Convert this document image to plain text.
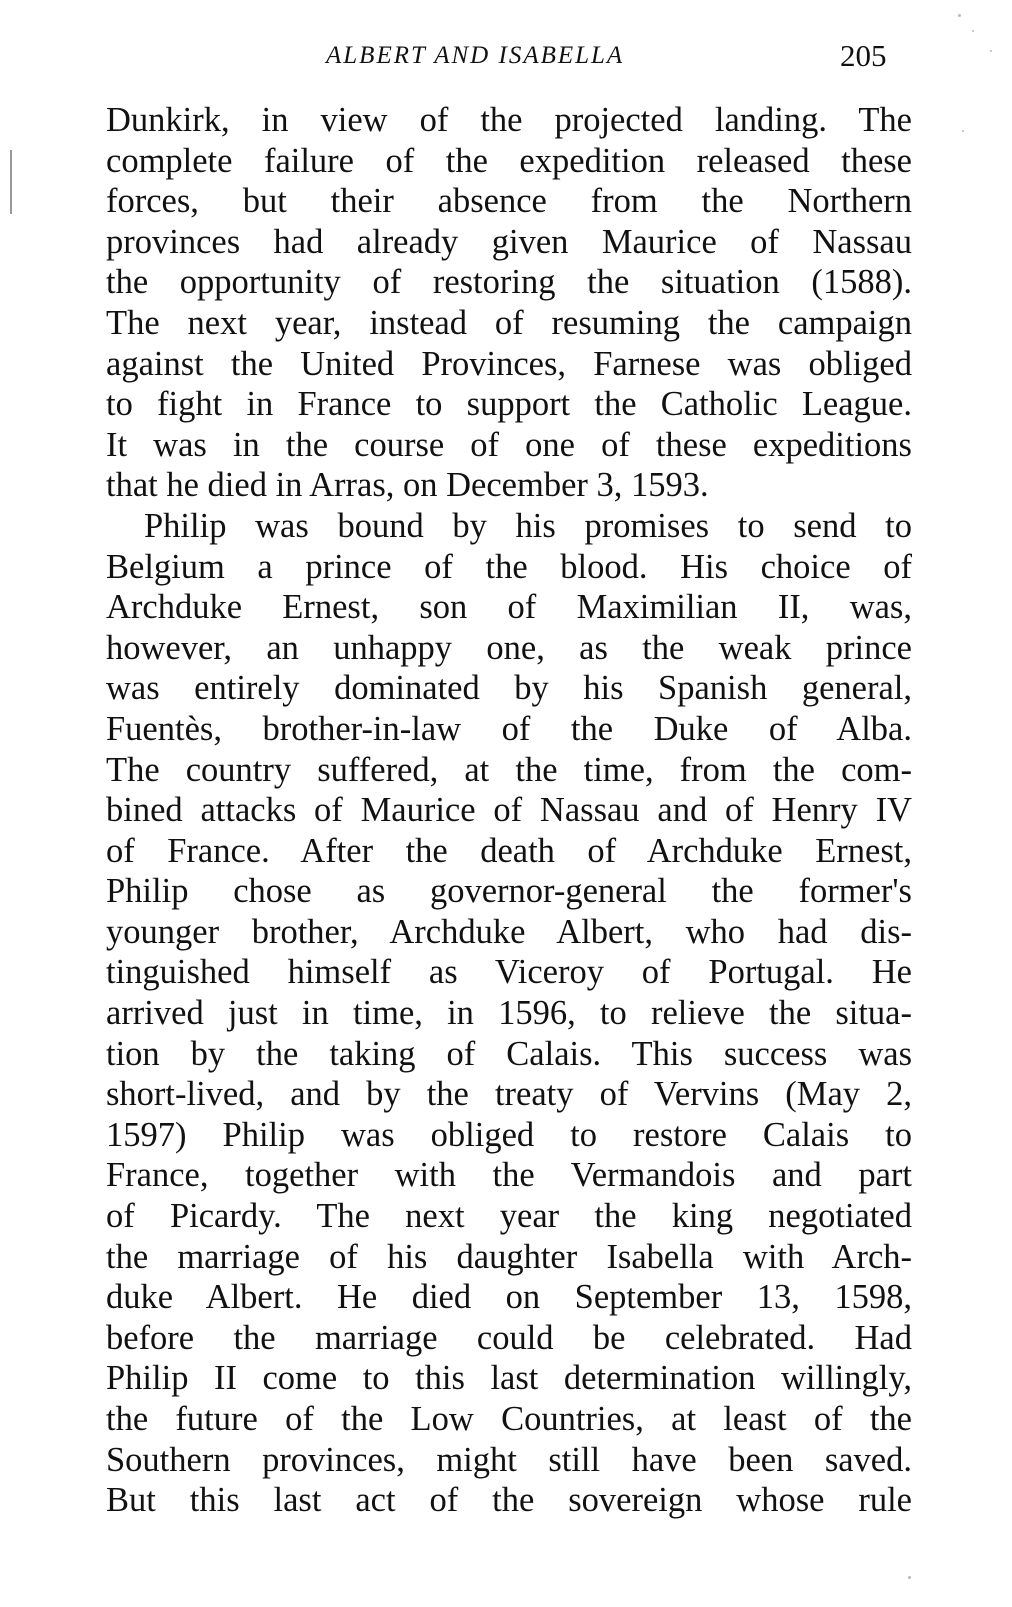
ALBERT AND ISABELLA	205
Dunkirk, in view of the projected landing. The
complete failure of the expedition released these
forces, but their absence from the Northern
provinces had already given Maurice of Nassau
the opportunity of restoring the situation (1588).
The next year, instead of resuming the campaign
against the United Provinces, Farnese was obliged
to fight in France to support the Catholic League.
It was in the course of one of these expeditions
that he died in Arras, on December 3, 1593.
Philip was bound by his promises to send to
Belgium a prince of the blood. His choice of
Archduke Ernest, son of Maximilian II, was,
however, an unhappy one, as the weak prince
was entirely dominated by his Spanish general,
Fuentès, brother-in-law of the Duke of Alba.
The country suffered, at the time, from the com-
bined attacks of Maurice of Nassau and of Henry IV
of France. After the death of Archduke Ernest,
Philip chose as governor-general the former's
younger brother, Archduke Albert, who had dis-
tinguished himself as Viceroy of Portugal. He
arrived just in time, in 1596, to relieve the situa-
tion by the taking of Calais. This success was
short-lived, and by the treaty of Vervins (May 2,
1597) Philip was obliged to restore Calais to
France, together with the Vermandois and part
of Picardy. The next year the king negotiated
the marriage of his daughter Isabella with Arch-
duke Albert. He died on September 13, 1598,
before the marriage could be celebrated. Had
Philip II come to this last determination willingly,
the future of the Low Countries, at least of the
Southern provinces, might still have been saved.
But this last act of the sovereign whose rule
